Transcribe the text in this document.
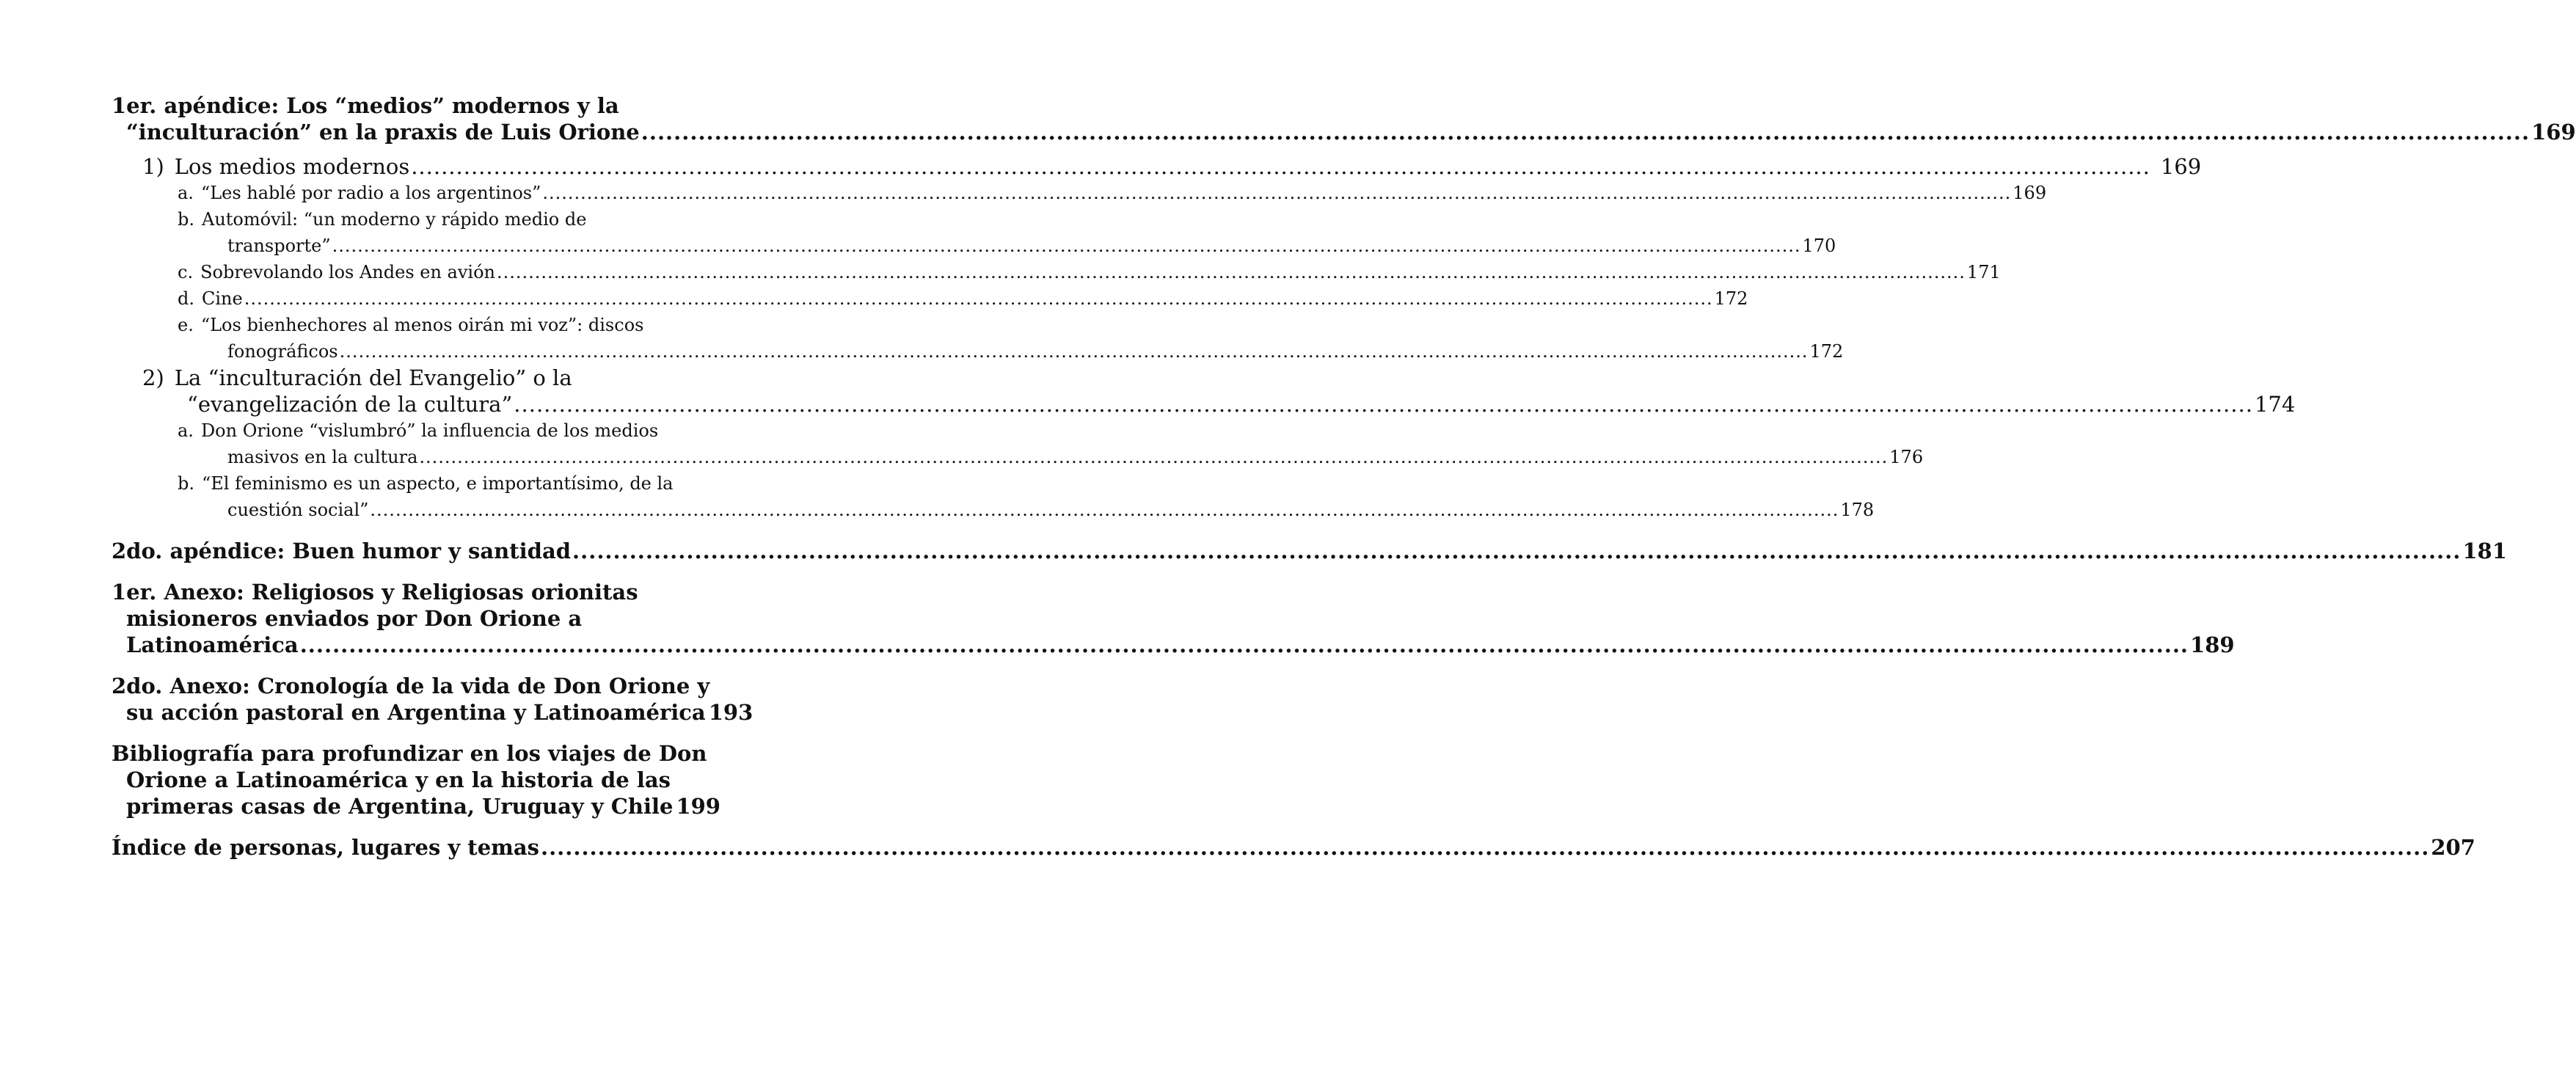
1er. apéndice: Los “medios” modernos y la
“inculturación” en la praxis de Luis Orione .....	169
1) Los medios modernos .....	169
a. “Les hablé por radio a los argentinos” .....	169
b. Automóvil: “un moderno y rápido medio de
transporte” .....	170
c. Sobrevolando los Andes en avión .....	171
d. Cine .....	172
e. “Los bienhechores al menos oirán mi voz”: discos
fonográficos .....	172
2) La “inculturación del Evangelio” o la
“evangelización de la cultura” .....	174
a. Don Orione “vislumbró” la influencia de los medios
masivos en la cultura .....	176
b. “El feminismo es un aspecto, e importantísimo, de la
cuestión social” .....	178
2do. apéndice : Buen humor y santidad .....	181
1er. Anexo: Religiosos y Religiosas orionitas
misioneros enviados por Don Orione a
Latinoamérica .....	189
2do. Anexo: Cronología de la vida de Don Orione y
su acción pastoral en Argentina y Latinoamérica 193
Bibliografía para profundizar en los viajes de Don
Orione a Latinoamérica y en la historia de las
primeras casas de Argentina, Uruguay y Chile 199
Índice de personas, lugares y temas .....	207
